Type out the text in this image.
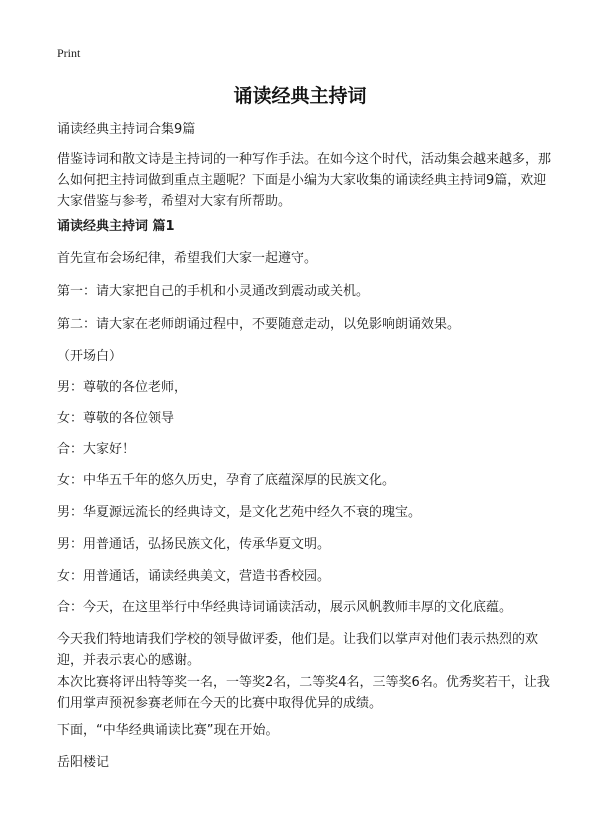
Print
诵读经典主持词

诵读经典主持词合集9篇

借鉴诗词和散文诗是主持词的一种写作手法。在如今这个时代，活动集会越来越多，那么如何把主持词做到重点主题呢？下面是小编为大家收集的诵读经典主持词9篇，欢迎大家借鉴与参考，希望对大家有所帮助。

诵读经典主持词 篇1

首先宣布会场纪律，希望我们大家一起遵守。

第一：请大家把自己的手机和小灵通改到震动或关机。

第二：请大家在老师朗诵过程中，不要随意走动，以免影响朗诵效果。

（开场白）

男：尊敬的各位老师，

女：尊敬的各位领导

合：大家好！

女：中华五千年的悠久历史，孕育了底蕴深厚的民族文化。

男：华夏源远流长的经典诗文，是文化艺苑中经久不衰的瑰宝。

男：用普通话，弘扬民族文化，传承华夏文明。

女：用普通话，诵读经典美文，营造书香校园。

合：今天，在这里举行中华经典诗词诵读活动，展示风帆教师丰厚的文化底蕴。

今天我们特地请我们学校的领导做评委，他们是。让我们以掌声对他们表示热烈的欢迎，并表示衷心的感谢。

本次比赛将评出特等奖一名，一等奖2名，二等奖4名，三等奖6名。优秀奖若干，让我们用掌声预祝参赛老师在今天的比赛中取得优异的成绩。

下面，“中华经典诵读比赛”现在开始。

岳阳楼记
